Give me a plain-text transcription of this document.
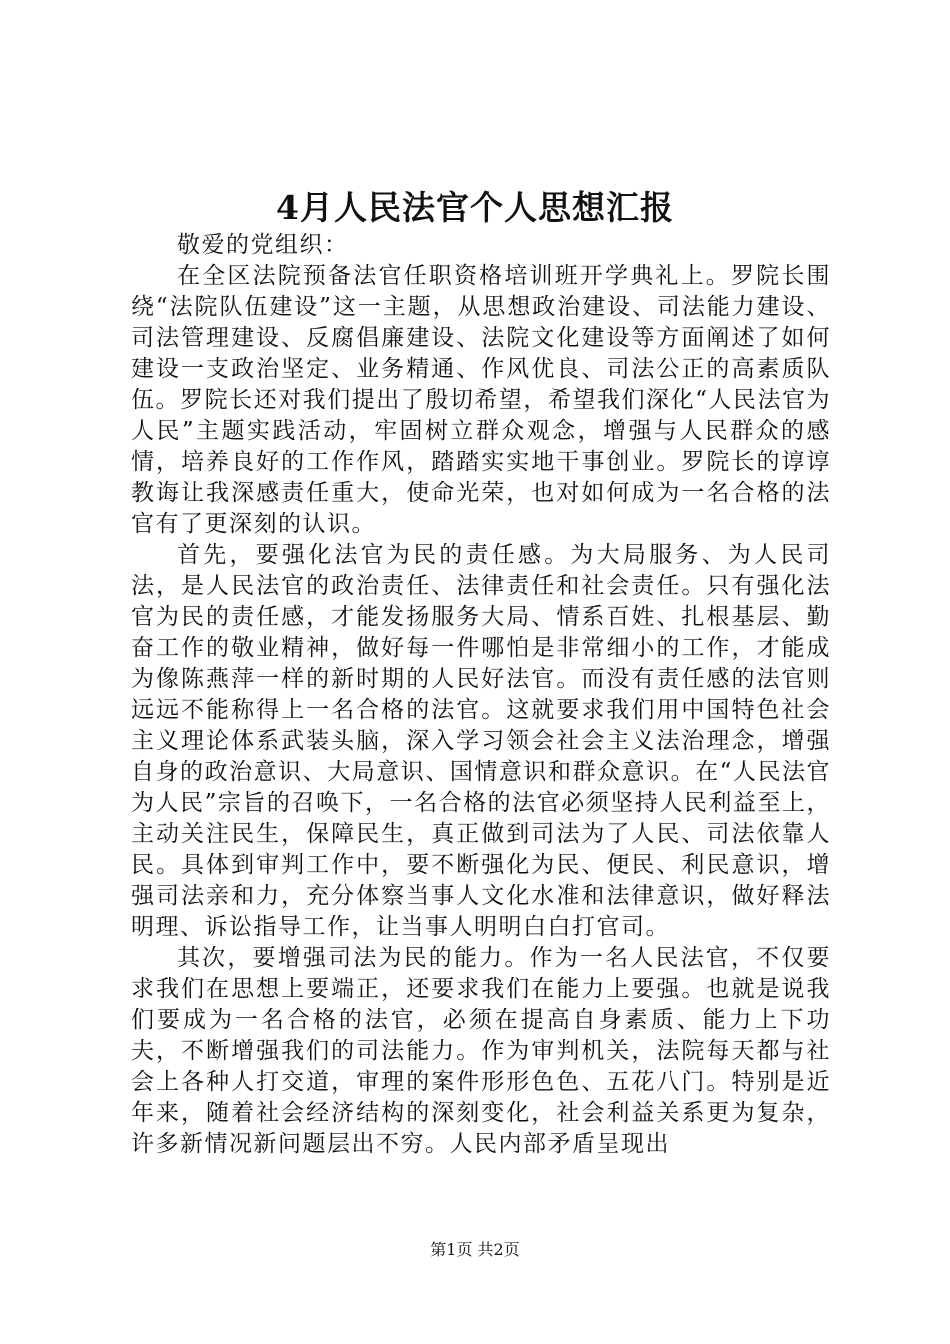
4月人民法官个人思想汇报

敬爱的党组织：

在全区法院预备法官任职资格培训班开学典礼上。罗院长围绕“法院队伍建设”这一主题，从思想政治建设、司法能力建设、司法管理建设、反腐倡廉建设、法院文化建设等方面阐述了如何建设一支政治坚定、业务精通、作风优良、司法公正的高素质队伍。罗院长还对我们提出了殷切希望，希望我们深化“人民法官为人民”主题实践活动，牢固树立群众观念，增强与人民群众的感情，培养良好的工作作风，踏踏实实地干事创业。罗院长的谆谆教诲让我深感责任重大，使命光荣，也对如何成为一名合格的法官有了更深刻的认识。

首先，要强化法官为民的责任感。为大局服务、为人民司法，是人民法官的政治责任、法律责任和社会责任。只有强化法官为民的责任感，才能发扬服务大局、情系百姓、扎根基层、勤奋工作的敬业精神，做好每一件哪怕是非常细小的工作，才能成为像陈燕萍一样的新时期的人民好法官。而没有责任感的法官则远远不能称得上一名合格的法官。这就要求我们用中国特色社会主义理论体系武装头脑，深入学习领会社会主义法治理念，增强自身的政治意识、大局意识、国情意识和群众意识。在“人民法官为人民”宗旨的召唤下，一名合格的法官必须坚持人民利益至上，主动关注民生，保障民生，真正做到司法为了人民、司法依靠人民。具体到审判工作中，要不断强化为民、便民、利民意识，增强司法亲和力，充分体察当事人文化水准和法律意识，做好释法明理、诉讼指导工作，让当事人明明白白打官司。

其次，要增强司法为民的能力。作为一名人民法官，不仅要求我们在思想上要端正，还要求我们在能力上要强。也就是说我们要成为一名合格的法官，必须在提高自身素质、能力上下功夫，不断增强我们的司法能力。作为审判机关，法院每天都与社会上各种人打交道，审理的案件形形色色、五花八门。特别是近年来，随着社会经济结构的深刻变化，社会利益关系更为复杂，许多新情况新问题层出不穷。人民内部矛盾呈现出

第1页 共2页
